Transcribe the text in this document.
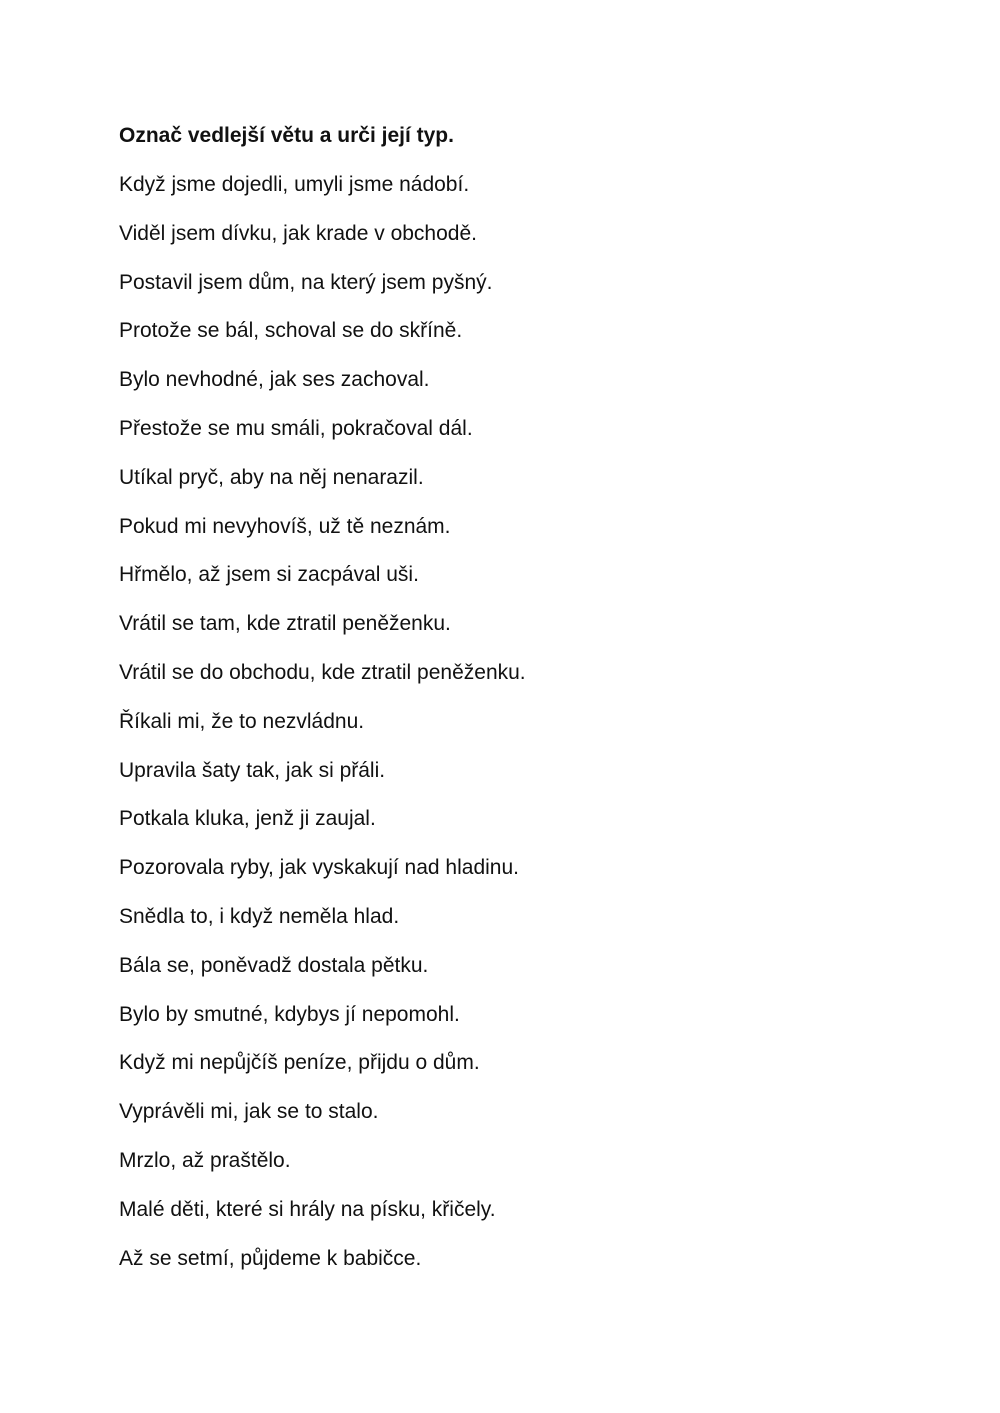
Označ vedlejší větu a urči její typ.
Když jsme dojedli, umyli jsme nádobí.
Viděl jsem dívku, jak krade v obchodě.
Postavil jsem dům, na který jsem pyšný.
Protože se bál, schoval se do skříně.
Bylo nevhodné, jak ses zachoval.
Přestože se mu smáli, pokračoval dál.
Utíkal pryč, aby na něj nenarazil.
Pokud mi nevyhovíš, už tě neznám.
Hřmělo, až jsem si zacpával uši.
Vrátil se tam, kde ztratil peněženku.
Vrátil se do obchodu, kde ztratil peněženku.
Říkali mi, že to nezvládnu.
Upravila šaty tak, jak si přáli.
Potkala kluka, jenž ji zaujal.
Pozorovala ryby, jak vyskakují nad hladinu.
Snědla to, i když neměla hlad.
Bála se, poněvadž dostala pětku.
Bylo by smutné, kdybys jí nepomohl.
Když mi nepůjčíš peníze, přijdu o dům.
Vyprávěli mi, jak se to stalo.
Mrzlo, až praštělo.
Malé děti, které si hrály na písku, křičely.
Až se setmí, půjdeme k babičce.
